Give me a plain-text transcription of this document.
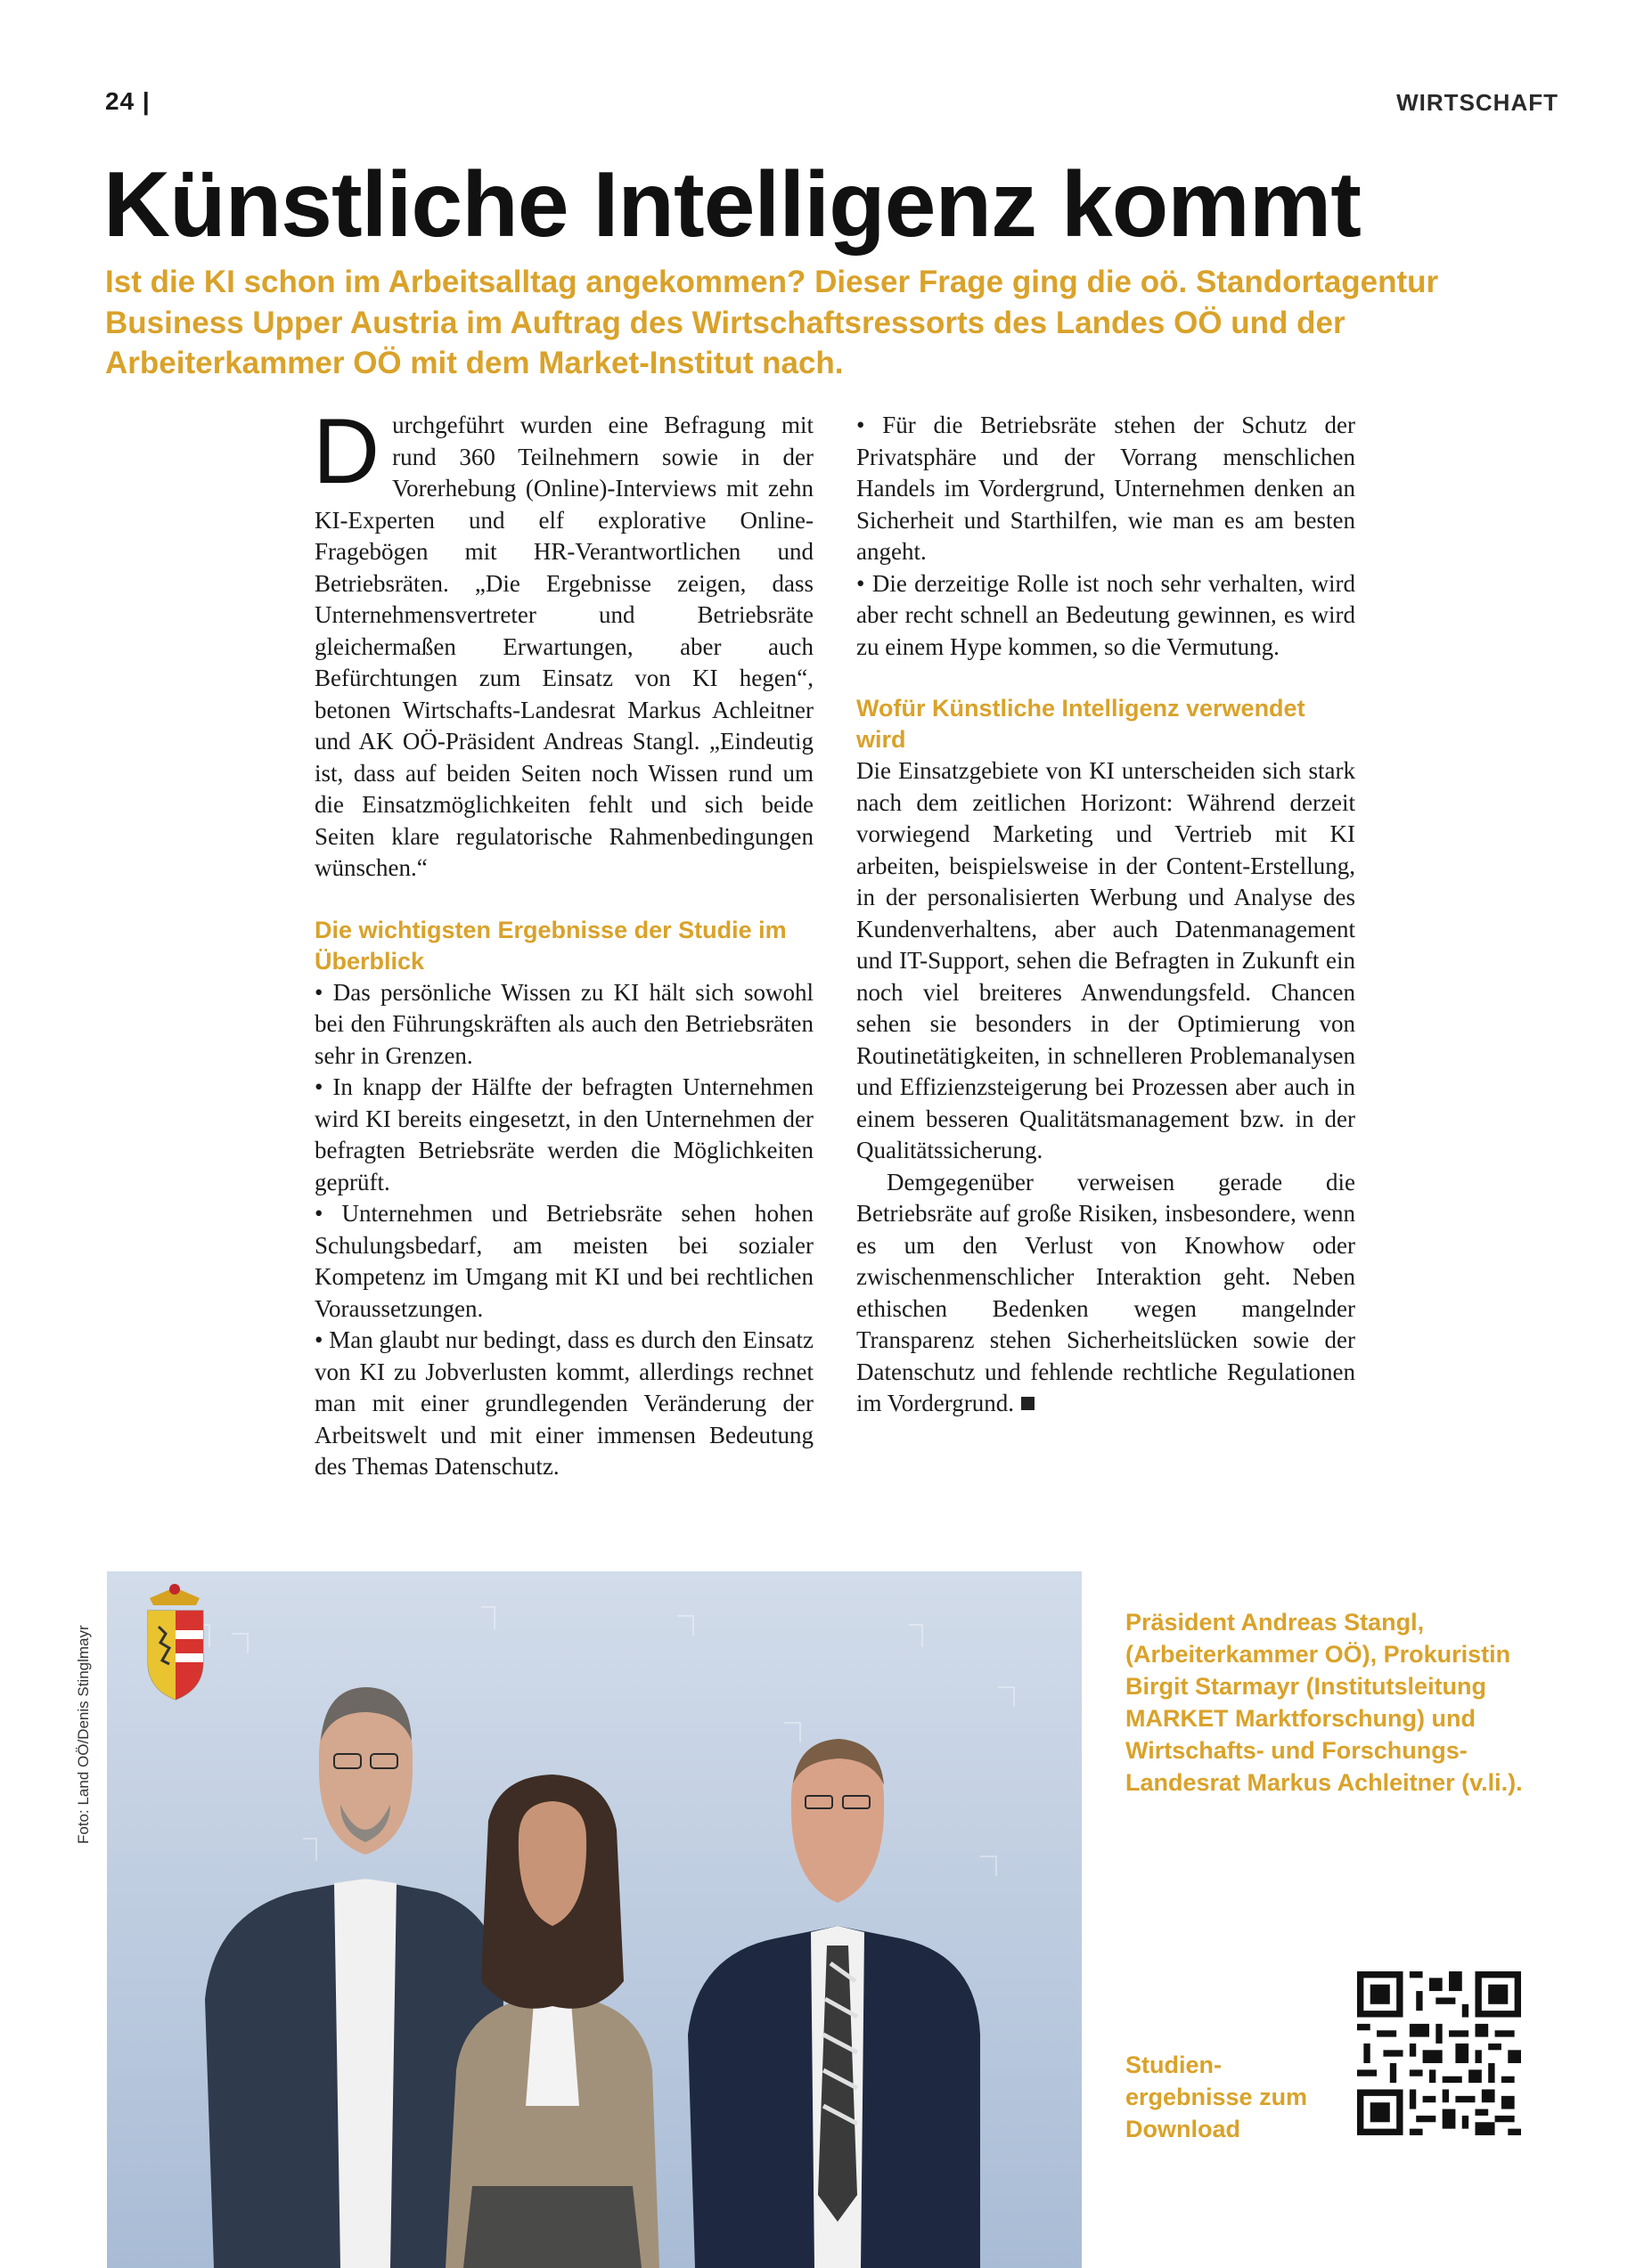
24 |	WIRTSCHAFT
Künstliche Intelligenz kommt

Ist die KI schon im Arbeitsalltag angekommen? Dieser Frage ging die oö. Standortagentur Business Upper Austria im Auftrag des Wirtschaftsressorts des Landes OÖ und der Arbeiterkammer OÖ mit dem Market-Institut nach.

Durchgeführt wurden eine Befragung mit rund 360 Teilnehmern sowie in der Vorerhebung (Online)-Interviews mit zehn KI-Experten und elf explorative Online-Fragebögen mit HR-Verantwortlichen und Betriebsräten. „Die Ergebnisse zeigen, dass Unternehmensvertreter und Betriebsräte gleichermaßen Erwartungen, aber auch Befürchtungen zum Einsatz von KI hegen“, betonen Wirtschafts-Landesrat Markus Achleitner und AK OÖ-Präsident Andreas Stangl. „Eindeutig ist, dass auf beiden Seiten noch Wissen rund um die Einsatzmöglichkeiten fehlt und sich beide Seiten klare regulatorische Rahmenbedingungen wünschen.“

Die wichtigsten Ergebnisse der Studie im Überblick

• Das persönliche Wissen zu KI hält sich sowohl bei den Führungskräften als auch den Betriebsräten sehr in Grenzen.

• In knapp der Hälfte der befragten Unternehmen wird KI bereits eingesetzt, in den Unternehmen der befragten Betriebsräte werden die Möglichkeiten geprüft.

• Unternehmen und Betriebsräte sehen hohen Schulungsbedarf, am meisten bei sozialer Kompetenz im Umgang mit KI und bei rechtlichen Voraussetzungen.

• Man glaubt nur bedingt, dass es durch den Einsatz von KI zu Jobverlusten kommt, allerdings rechnet man mit einer grundlegenden Veränderung der Arbeitswelt und mit einer immensen Bedeutung des Themas Datenschutz.

• Für die Betriebsräte stehen der Schutz der Privatsphäre und der Vorrang menschlichen Handels im Vordergrund, Unternehmen denken an Sicherheit und Starthilfen, wie man es am besten angeht.

• Die derzeitige Rolle ist noch sehr verhalten, wird aber recht schnell an Bedeutung gewinnen, es wird zu einem Hype kommen, so die Vermutung.

Wofür Künstliche Intelligenz verwendet wird

Die Einsatzgebiete von KI unterscheiden sich stark nach dem zeitlichen Horizont: Während derzeit vorwiegend Marketing und Vertrieb mit KI arbeiten, beispielsweise in der Content-Erstellung, in der personalisierten Werbung und Analyse des Kundenverhaltens, aber auch Datenmanagement und IT-Support, sehen die Befragten in Zukunft ein noch viel breiteres Anwendungsfeld. Chancen sehen sie besonders in der Optimierung von Routinetätigkeiten, in schnelleren Problemanalysen und Effizienzsteigerung bei Prozessen aber auch in einem besseren Qualitätsmanagement bzw. in der Qualitätssicherung.

Demgegenüber verweisen gerade die Betriebsräte auf große Risiken, insbesondere, wenn es um den Verlust von Knowhow oder zwischenmenschlicher Interaktion geht. Neben ethischen Bedenken wegen mangelnder Transparenz stehen Sicherheitslücken sowie der Datenschutz und fehlende rechtliche Regulationen im Vordergrund.

Foto: Land OÖ/Denis Stinglmayr

Präsident Andreas Stangl, (Arbeiterkammer OÖ), Prokuristin Birgit Starmayr (Institutsleitung MARKET Marktforschung) und Wirtschafts- und Forschungs-Landesrat Markus Achleitner (v.li.).

Studien-ergebnisse zum Download
